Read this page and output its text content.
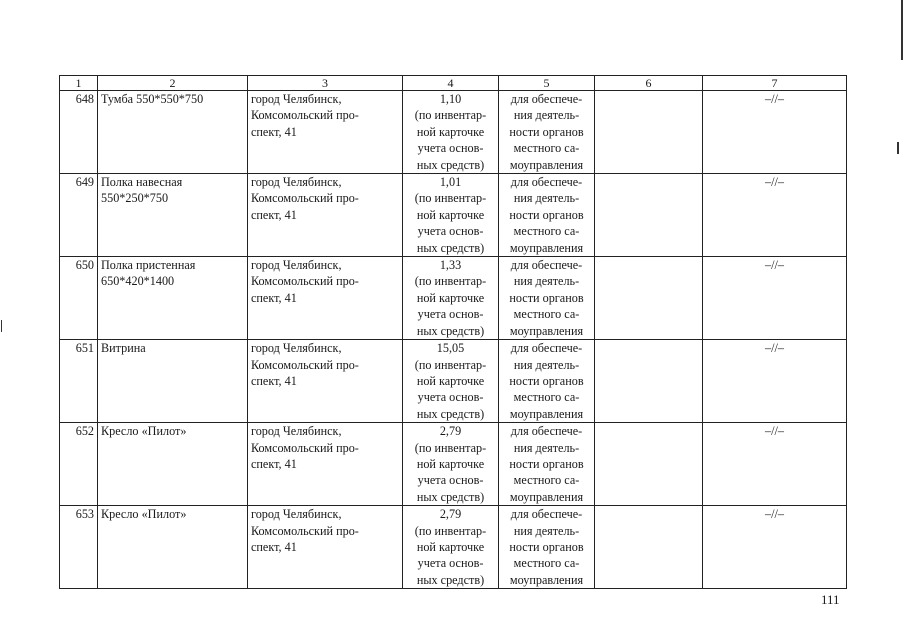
1	2	3	4	5	6	7
648	Тумба 550*550*750	город Челябинск,
Комсомольский про-
спект, 41	1,10
(по инвентар-
ной карточке
учета основ-
ных средств)	для обеспече-
ния деятель-
ности органов
местного са-
моуправления		–//–
649	Полка навесная
550*250*750	город Челябинск,
Комсомольский про-
спект, 41	1,01
(по инвентар-
ной карточке
учета основ-
ных средств)	для обеспече-
ния деятель-
ности органов
местного са-
моуправления		–//–
650	Полка пристенная
650*420*1400	город Челябинск,
Комсомольский про-
спект, 41	1,33
(по инвентар-
ной карточке
учета основ-
ных средств)	для обеспече-
ния деятель-
ности органов
местного са-
моуправления		–//–
651	Витрина	город Челябинск,
Комсомольский про-
спект, 41	15,05
(по инвентар-
ной карточке
учета основ-
ных средств)	для обеспече-
ния деятель-
ности органов
местного са-
моуправления		–//–
652	Кресло «Пилот»	город Челябинск,
Комсомольский про-
спект, 41	2,79
(по инвентар-
ной карточке
учета основ-
ных средств)	для обеспече-
ния деятель-
ности органов
местного са-
моуправления		–//–
653	Кресло «Пилот»	город Челябинск,
Комсомольский про-
спект, 41	2,79
(по инвентар-
ной карточке
учета основ-
ных средств)	для обеспече-
ния деятель-
ности органов
местного са-
моуправления		–//–
111
